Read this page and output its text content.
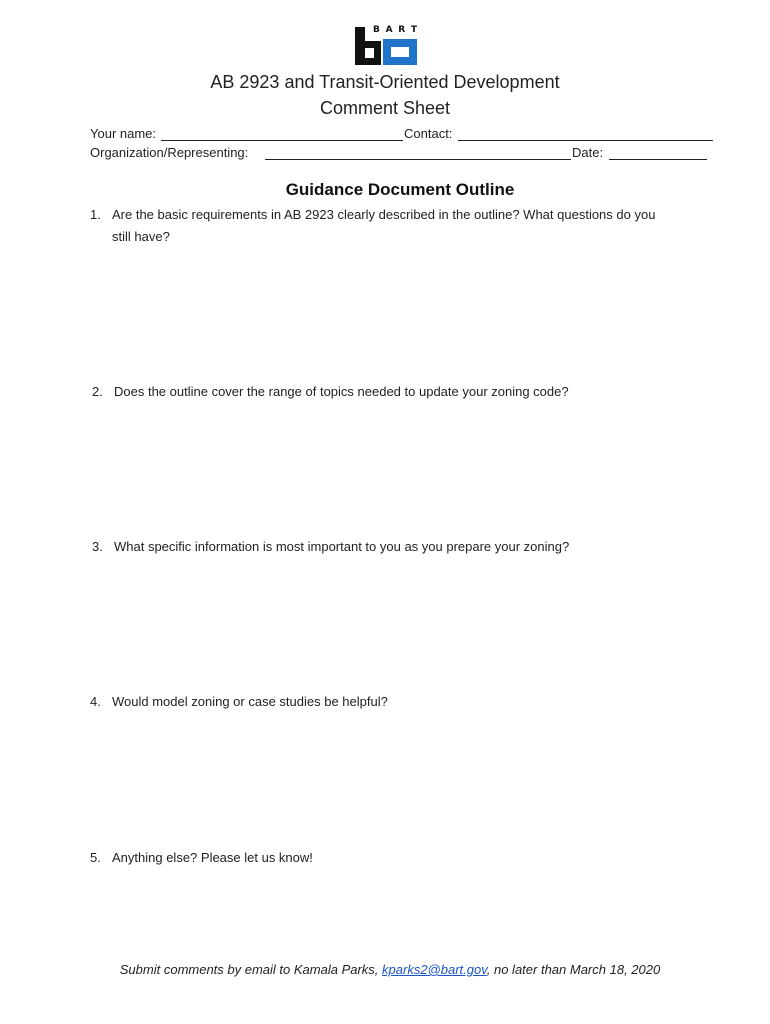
B A R T
AB 2923 and Transit-Oriented Development
Comment Sheet
Your name:	Contact:
Organization/Representing:	Date:
Guidance Document Outline
1. Are the basic requirements in AB 2923 clearly described in the outline? What questions do you
still have?
2. Does the outline cover the range of topics needed to update your zoning code?
3. What specific information is most important to you as you prepare your zoning?
4. Would model zoning or case studies be helpful?
5. Anything else? Please let us know!
Submit comments by email to Kamala Parks, kparks2@bart.gov, no later than March 18, 2020
